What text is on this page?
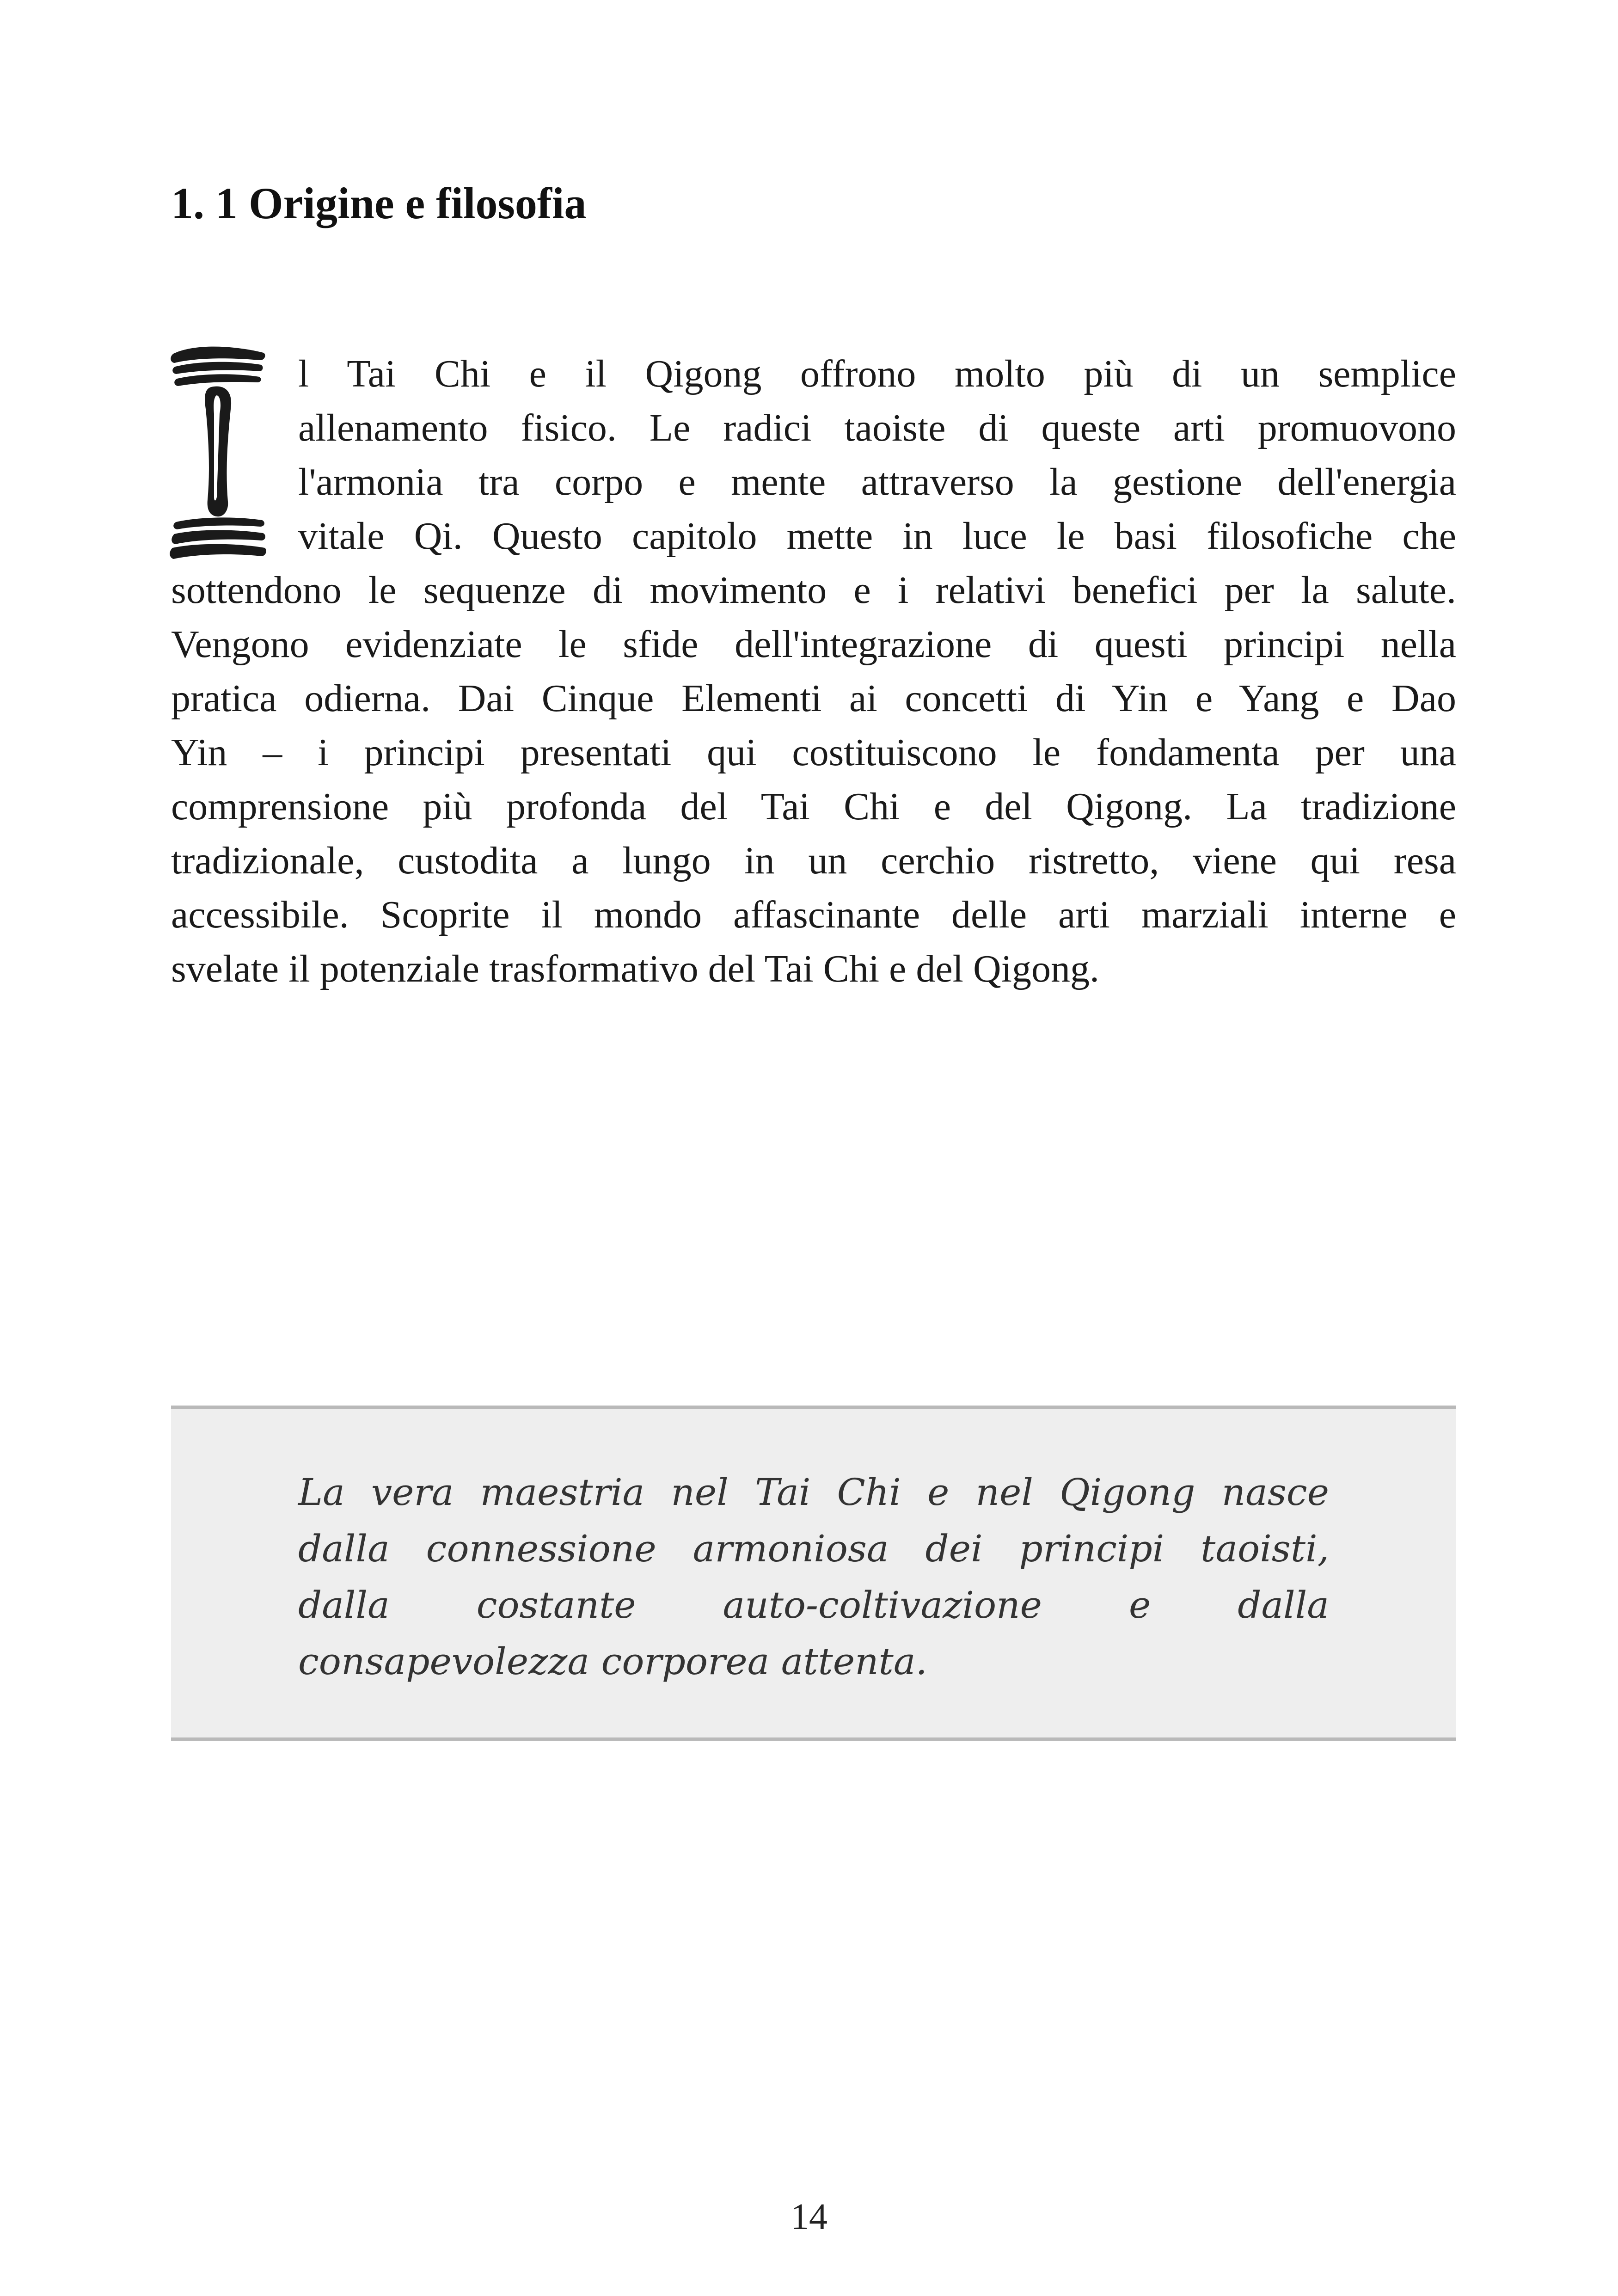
1. 1 Origine e filosofia
l Tai Chi e il Qigong offrono molto più di un semplice
allenamento fisico. Le radici taoiste di queste arti promuovono
l'armonia tra corpo e mente attraverso la gestione dell'energia
vitale Qi. Questo capitolo mette in luce le basi filosofiche che
sottendono le sequenze di movimento e i relativi benefici per la salute.
Vengono evidenziate le sfide dell'integrazione di questi principi nella
pratica odierna. Dai Cinque Elementi ai concetti di Yin e Yang e Dao
Yin – i principi presentati qui costituiscono le fondamenta per una
comprensione più profonda del Tai Chi e del Qigong. La tradizione
tradizionale, custodita a lungo in un cerchio ristretto, viene qui resa
accessibile. Scoprite il mondo affascinante delle arti marziali interne e
svelate il potenziale trasformativo del Tai Chi e del Qigong.
La vera maestria nel Tai Chi e nel Qigong nasce
dalla connessione armoniosa dei principi taoisti,
dalla costante auto-coltivazione e dalla
consapevolezza corporea attenta.
14
